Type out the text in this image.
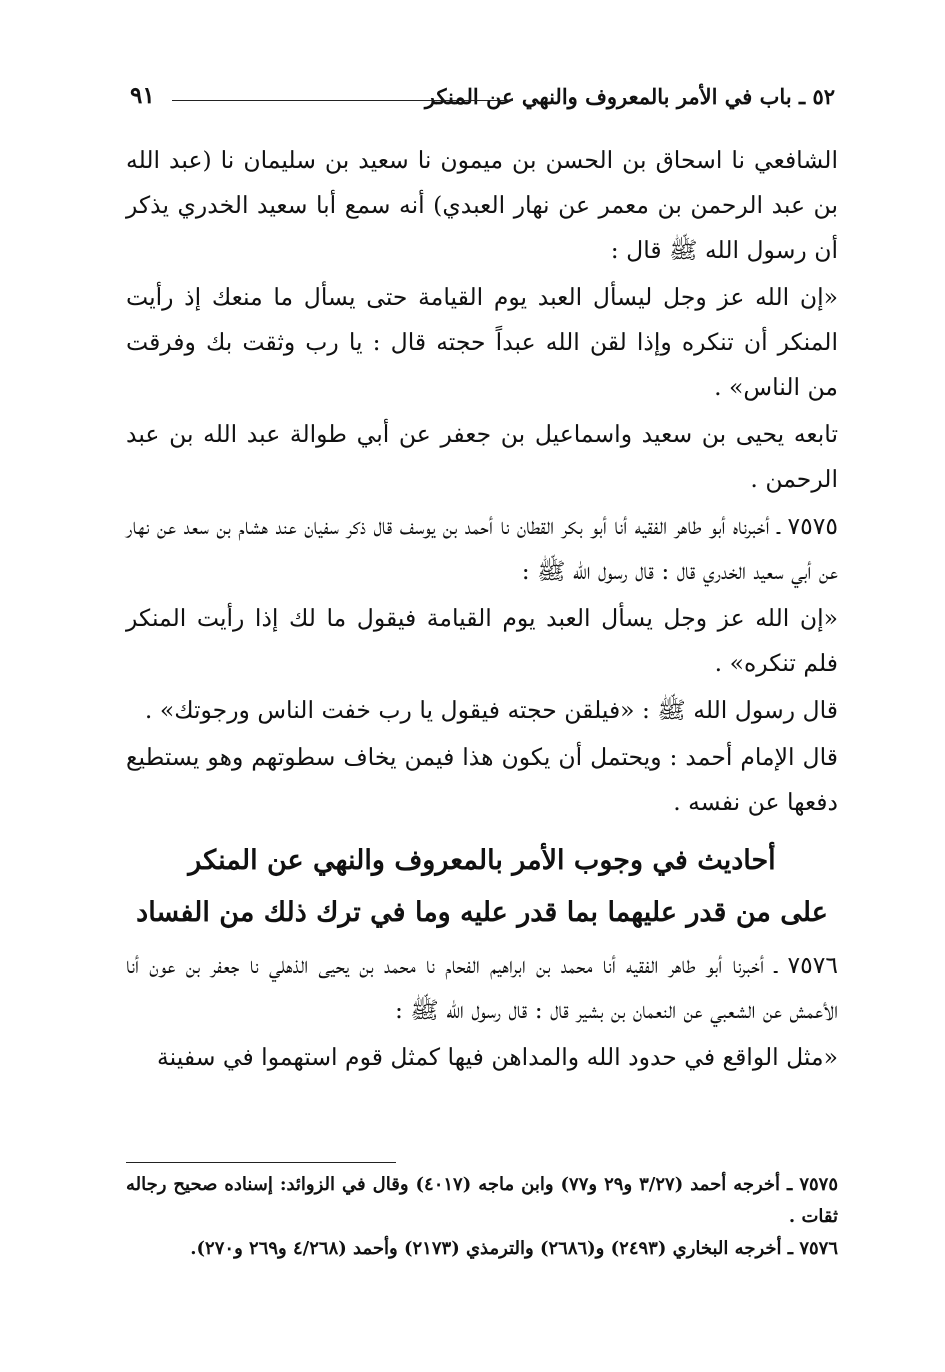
٥٢ ـ باب في الأمر بالمعروف والنهي عن المنكر
٩١

الشافعي نا اسحاق بن الحسن بن ميمون نا سعيد بن سليمان نا (عبد الله بن عبد الرحمن بن معمر عن نهار العبدي) أنه سمع أبا سعيد الخدري يذكر أن رسول الله ﷺ قال :

«إن الله عز وجل ليسأل العبد يوم القيامة حتى يسأل ما منعك إذ رأيت المنكر أن تنكره وإذا لقن الله عبداً حجته قال : يا رب وثقت بك وفرقت من الناس» .

تابعه يحيى بن سعيد واسماعيل بن جعفر عن أبي طوالة عبد الله بن عبد الرحمن .

٧٥٧٥ ـ أخبرناه أبو طاهر الفقيه أنا أبو بكر القطان نا أحمد بن يوسف قال ذكر سفيان عند هشام بن سعد عن نهار عن أبي سعيد الخدري قال : قال رسول الله ﷺ :

«إن الله عز وجل يسأل العبد يوم القيامة فيقول ما لك إذا رأيت المنكر فلم تنكره» .

قال رسول الله ﷺ : «فيلقن حجته فيقول يا رب خفت الناس ورجوتك» .

قال الإمام أحمد : ويحتمل أن يكون هذا فيمن يخاف سطوتهم وهو يستطيع دفعها عن نفسه .

أحاديث في وجوب الأمر بالمعروف والنهي عن المنكر
على من قدر عليهما بما قدر عليه وما في ترك ذلك من الفساد

٧٥٧٦ ـ أخبرنا أبو طاهر الفقيه أنا محمد بن ابراهيم الفحام نا محمد بن يحيى الذهلي نا جعفر بن عون أنا الأعمش عن الشعبي عن النعمان بن بشير قال : قال رسول الله ﷺ :

«مثل الواقع في حدود الله والمداهن فيها كمثل قوم استهموا في سفينة

٧٥٧٥ ـ أخرجه أحمد (٣/٢٧ و٢٩ و٧٧) وابن ماجه (٤٠١٧) وقال في الزوائد: إسناده صحيح رجاله ثقات .

٧٥٧٦ ـ أخرجه البخاري (٢٤٩٣) و(٢٦٨٦) والترمذي (٢١٧٣) وأحمد (٤/٢٦٨ و٢٦٩ و٢٧٠).
